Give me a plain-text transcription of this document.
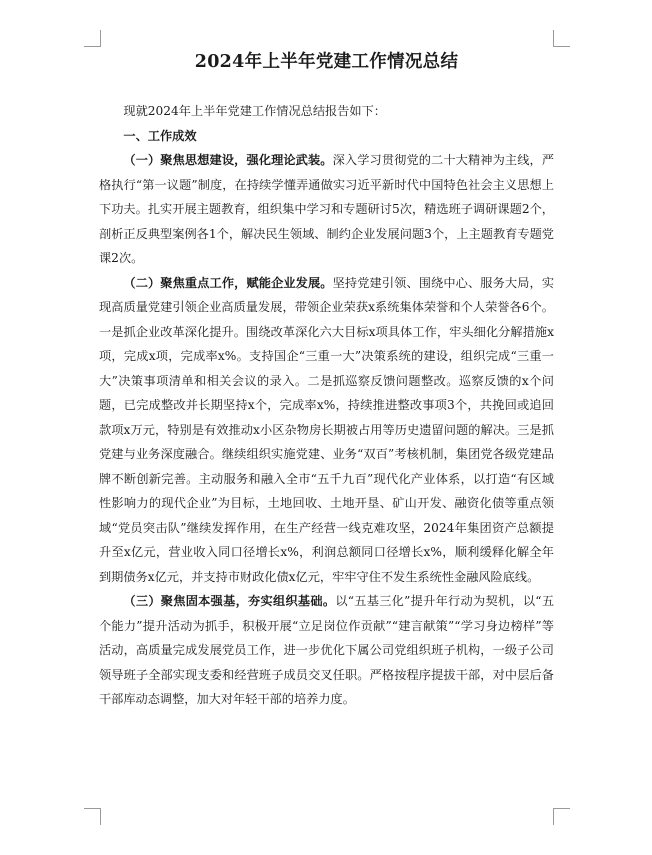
2024年上半年党建工作情况总结

现就2024年上半年党建工作情况总结报告如下：

一、工作成效

（一）聚焦思想建设，强化理论武装。深入学习贯彻党的二十大精神为主线，严格执行“第一议题”制度，在持续学懂弄通做实习近平新时代中国特色社会主义思想上下功夫。扎实开展主题教育，组织集中学习和专题研讨5次，精选班子调研课题2个，剖析正反典型案例各1个，解决民生领域、制约企业发展问题3个，上主题教育专题党课2次。

（二）聚焦重点工作，赋能企业发展。坚持党建引领、围绕中心、服务大局，实现高质量党建引领企业高质量发展，带领企业荣获x系统集体荣誉和个人荣誉各6个。一是抓企业改革深化提升。围绕改革深化六大目标x项具体工作，牢头细化分解措施x项，完成x项，完成率x%。支持国企“三重一大”决策系统的建设，组织完成“三重一大”决策事项清单和相关会议的录入。二是抓巡察反馈问题整改。巡察反馈的x个问题，已完成整改并长期坚持x个，完成率x%，持续推进整改事项3个，共挽回或追回款项x万元，特别是有效推动x小区杂物房长期被占用等历史遗留问题的解决。三是抓党建与业务深度融合。继续组织实施党建、业务“双百”考核机制，集团党各级党建品牌不断创新完善。主动服务和融入全市“五千九百”现代化产业体系，以打造“有区域性影响力的现代企业”为目标，土地回收、土地开垦、矿山开发、融资化债等重点领域“党员突击队”继续发挥作用，在生产经营一线克难攻坚，2024年集团资产总额提升至x亿元，营业收入同口径增长x%，利润总额同口径增长x%，顺利缓释化解全年到期债务x亿元，并支持市财政化债x亿元，牢牢守住不发生系统性金融风险底线。

（三）聚焦固本强基，夯实组织基础。以“五基三化”提升年行动为契机，以“五个能力”提升活动为抓手，积极开展“立足岗位作贡献”“建言献策”“学习身边榜样”等活动，高质量完成发展党员工作，进一步优化下属公司党组织班子机构，一级子公司领导班子全部实现支委和经营班子成员交叉任职。严格按程序提拔干部，对中层后备干部库动态调整，加大对年轻干部的培养力度。
